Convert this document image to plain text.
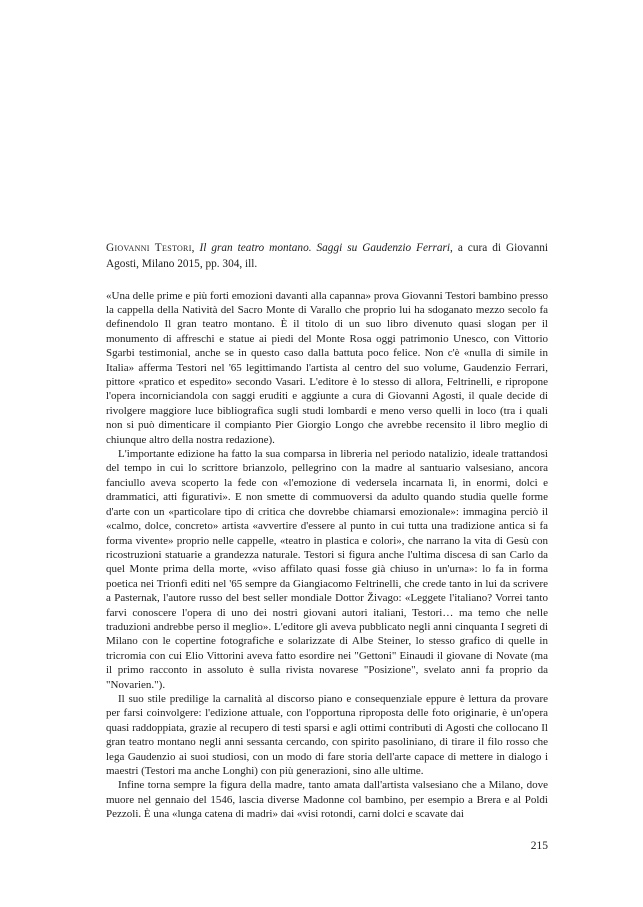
Giovanni Testori, Il gran teatro montano. Saggi su Gaudenzio Ferrari, a cura di Giovanni Agosti, Milano 2015, pp. 304, ill.

«Una delle prime e più forti emozioni davanti alla capanna» prova Giovanni Testori bambino presso la cappella della Natività del Sacro Monte di Varallo che proprio lui ha sdoganato mezzo secolo fa definendolo Il gran teatro montano. È il titolo di un suo libro divenuto quasi slogan per il monumento di affreschi e statue ai piedi del Monte Rosa oggi patrimonio Unesco, con Vittorio Sgarbi testimonial, anche se in questo caso dalla battuta poco felice. Non c'è «nulla di simile in Italia» afferma Testori nel '65 legittimando l'artista al centro del suo volume, Gaudenzio Ferrari, pittore «pratico et espedito» secondo Vasari. L'editore è lo stesso di allora, Feltrinelli, e ripropone l'opera incorniciandola con saggi eruditi e aggiunte a cura di Giovanni Agosti, il quale decide di rivolgere maggiore luce bibliografica sugli studi lombardi e meno verso quelli in loco (tra i quali non si può dimenticare il compianto Pier Giorgio Longo che avrebbe recensito il libro meglio di chiunque altro della nostra redazione).

L'importante edizione ha fatto la sua comparsa in libreria nel periodo natalizio, ideale trattandosi del tempo in cui lo scrittore brianzolo, pellegrino con la madre al santuario valsesiano, ancora fanciullo aveva scoperto la fede con «l'emozione di vedersela incarnata lì, in enormi, dolci e drammatici, atti figurativi». E non smette di commuoversi da adulto quando studia quelle forme d'arte con un «particolare tipo di critica che dovrebbe chiamarsi emozionale»: immagina perciò il «calmo, dolce, concreto» artista «avvertire d'essere al punto in cui tutta una tradizione antica si fa forma vivente» proprio nelle cappelle, «teatro in plastica e colori», che narrano la vita di Gesù con ricostruzioni statuarie a grandezza naturale. Testori si figura anche l'ultima discesa di san Carlo da quel Monte prima della morte, «viso affilato quasi fosse già chiuso in un'urna»: lo fa in forma poetica nei Trionfi editi nel '65 sempre da Giangiacomo Feltrinelli, che crede tanto in lui da scrivere a Pasternak, l'autore russo del best seller mondiale Dottor Živago: «Leggete l'italiano? Vorrei tanto farvi conoscere l'opera di uno dei nostri giovani autori italiani, Testori… ma temo che nelle traduzioni andrebbe perso il meglio». L'editore gli aveva pubblicato negli anni cinquanta I segreti di Milano con le copertine fotografiche e solarizzate di Albe Steiner, lo stesso grafico di quelle in tricromia con cui Elio Vittorini aveva fatto esordire nei "Gettoni" Einaudi il giovane di Novate (ma il primo racconto in assoluto è sulla rivista novarese "Posizione", svelato anni fa proprio da "Novarien.").

Il suo stile predilige la carnalità al discorso piano e consequenziale eppure è lettura da provare per farsi coinvolgere: l'edizione attuale, con l'opportuna riproposta delle foto originarie, è un'opera quasi raddoppiata, grazie al recupero di testi sparsi e agli ottimi contributi di Agosti che collocano Il gran teatro montano negli anni sessanta cercando, con spirito pasoliniano, di tirare il filo rosso che lega Gaudenzio ai suoi studiosi, con un modo di fare storia dell'arte capace di mettere in dialogo i maestri (Testori ma anche Longhi) con più generazioni, sino alle ultime.

Infine torna sempre la figura della madre, tanto amata dall'artista valsesiano che a Milano, dove muore nel gennaio del 1546, lascia diverse Madonne col bambino, per esempio a Brera e al Poldi Pezzoli. È una «lunga catena di madri» dai «visi rotondi, carni dolci e scavate dai

215
